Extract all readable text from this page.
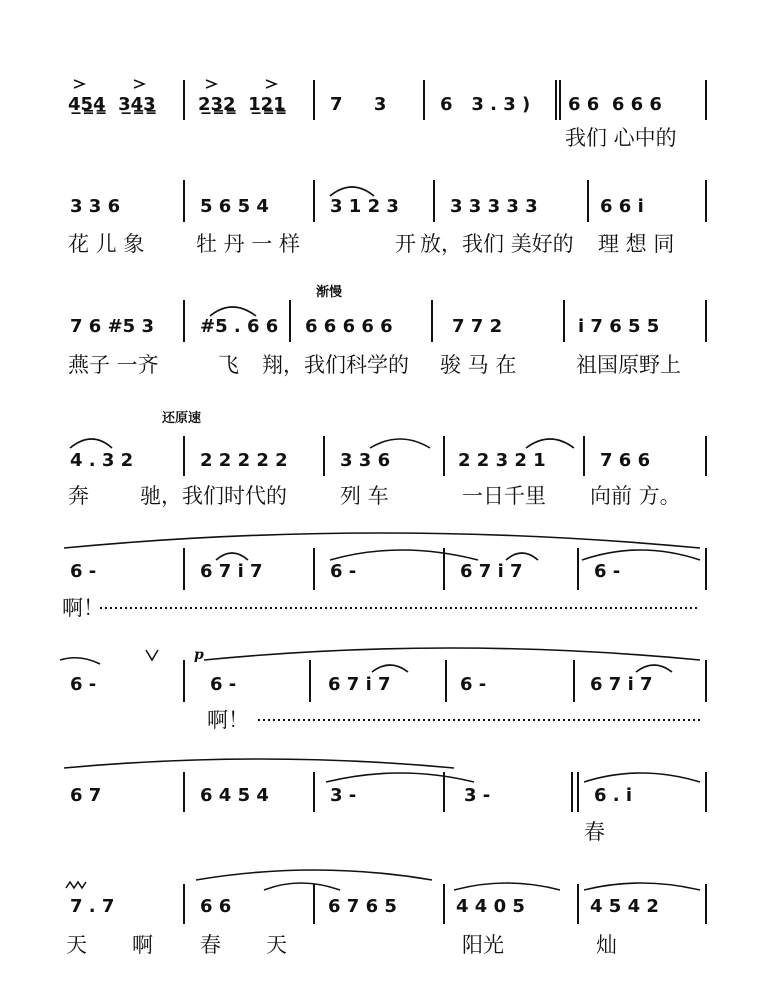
4̲5̳4̳  3̲4̳3̳ 2̲3̳2̳  1̲2̳1̳ 7     3	6   3 . 3 ) 6 6  6 6 6
我们 心中的
3 3 6	5 6 5 4	3 1 2 3	3 3 3 3 3	6 6 i
花 儿 象 牡 丹 一 样	开 放，我们 美好的 理 想 同
渐慢
7 6 #5 3	#5 . 6 6 6 6 6 6 6	7 7 2	i 7 6 5 5
燕子 一齐	飞 翔，我们科学的 骏 马 在	祖国原野上
还原速
4 . 3 2	2 2 2 2 2	3 3 6	2 2 3 2 1	7 6 6
奔 驰，我们时代的	列 车	一日千里 向前 方。
6 -	6 7 i 7	6 -	6 7 i 7	6 -
啊！
p
6 -	6 -	6 7 i 7	6 -	6 7 i 7
啊！
6 7	6 4 5 4	3 -	3 -	6 . i
春
7 . 7	6 6	6 7 6 5	4 4 0 5	4 5 4 2
天 啊 春 天	阳光	灿
